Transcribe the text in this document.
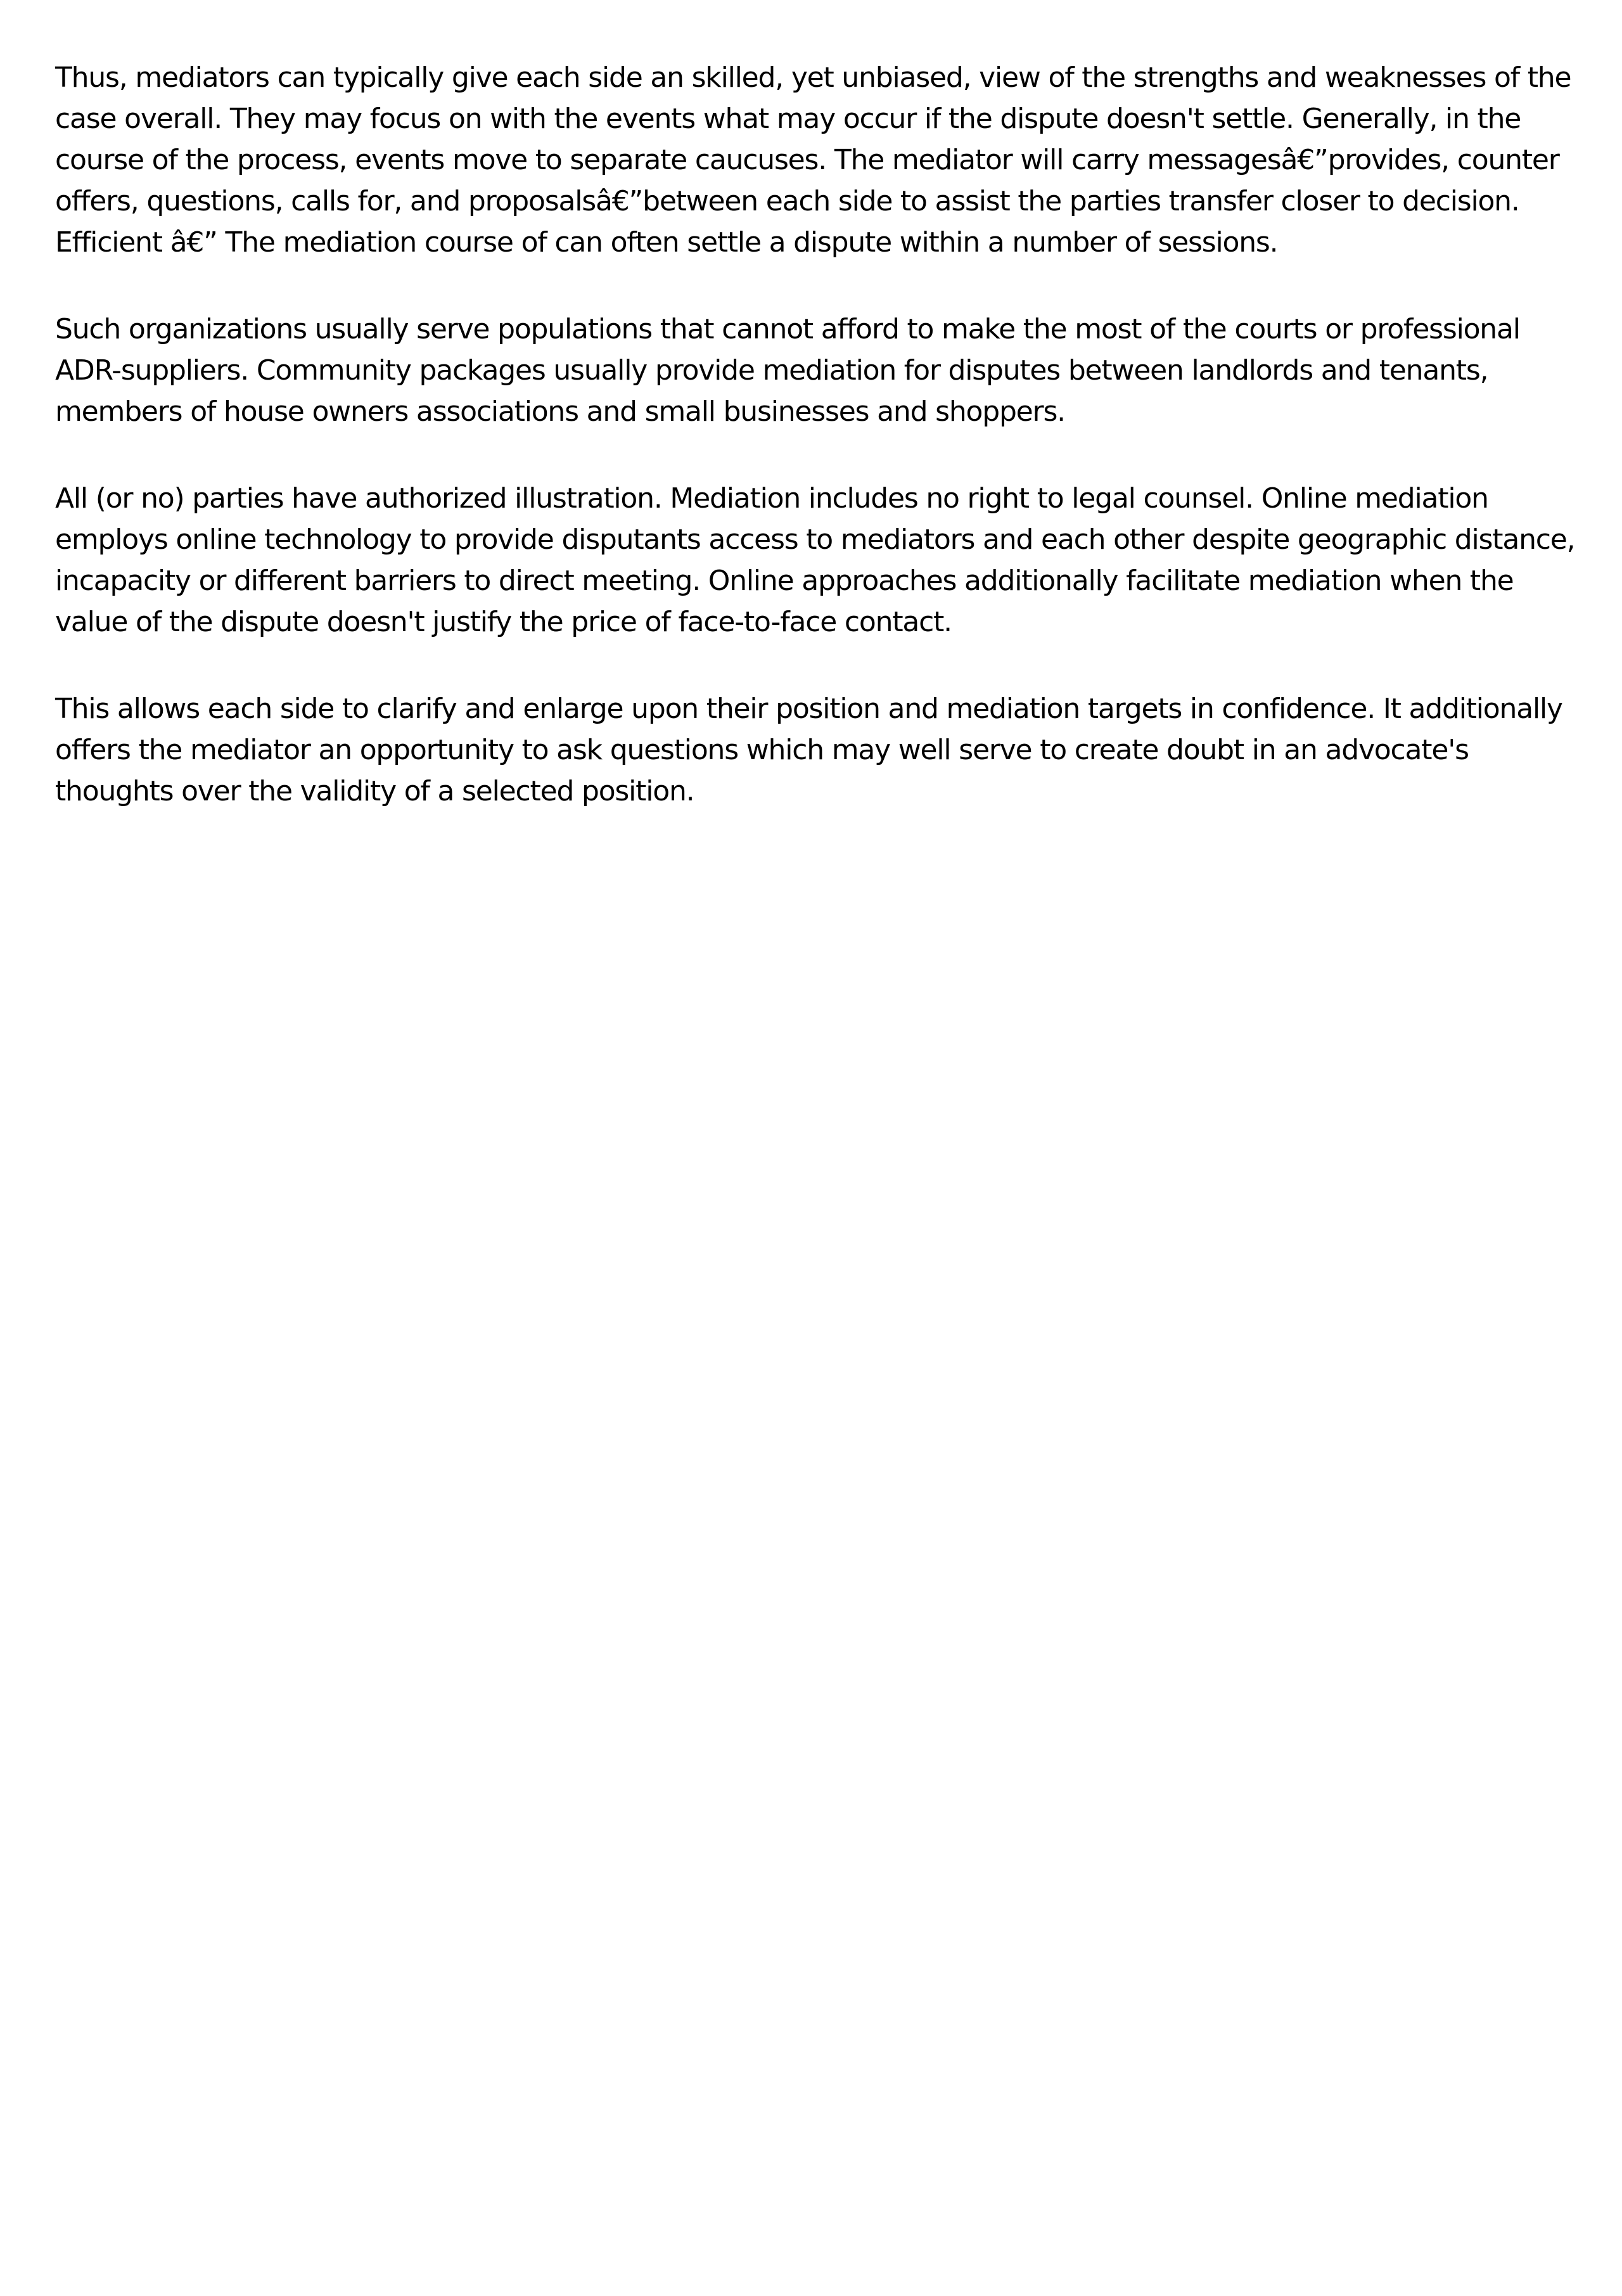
Thus, mediators can typically give each side an skilled, yet unbiased, view of the strengths and weaknesses of the
case overall. They may focus on with the events what may occur if the dispute doesn't settle. Generally, in the
course of the process, events move to separate caucuses. The mediator will carry messagesâ€”provides, counter
offers, questions, calls for, and proposalsâ€”between each side to assist the parties transfer closer to decision.
Efficient â€” The mediation course of can often settle a dispute within a number of sessions.

Such organizations usually serve populations that cannot afford to make the most of the courts or professional
ADR-suppliers. Community packages usually provide mediation for disputes between landlords and tenants,
members of house owners associations and small businesses and shoppers.

All (or no) parties have authorized illustration. Mediation includes no right to legal counsel. Online mediation
employs online technology to provide disputants access to mediators and each other despite geographic distance,
incapacity or different barriers to direct meeting. Online approaches additionally facilitate mediation when the
value of the dispute doesn't justify the price of face-to-face contact.

This allows each side to clarify and enlarge upon their position and mediation targets in confidence. It additionally
offers the mediator an opportunity to ask questions which may well serve to create doubt in an advocate's
thoughts over the validity of a selected position.
